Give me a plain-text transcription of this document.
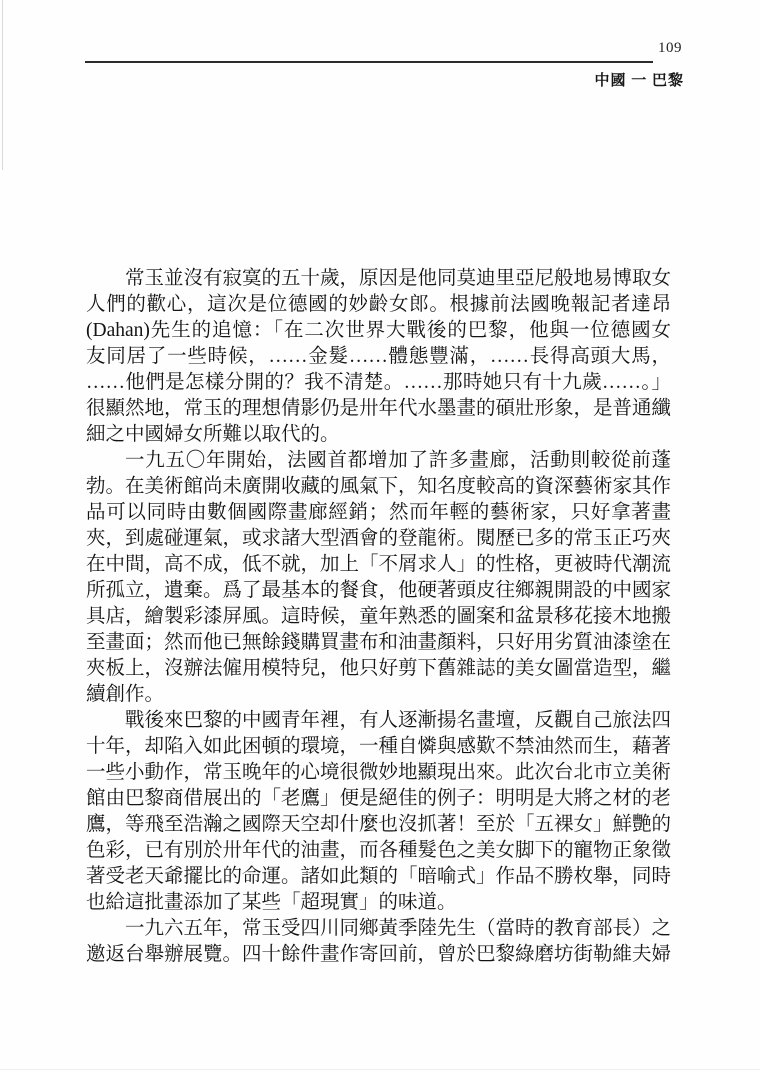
109
中國 一 巴黎
常玉並沒有寂寞的五十歲，原因是他同莫迪里亞尼般地易博取女
人們的歡心，這次是位德國的妙齡女郎。根據前法國晚報記者達昂
(Dahan)先生的追憶：「在二次世界大戰後的巴黎，他與一位德國女
友同居了一些時候，……金髮……體態豐滿，……長得高頭大馬，
……他們是怎樣分開的？我不清楚。……那時她只有十九歲……。」
很顯然地，常玉的理想倩影仍是卅年代水墨畫的碩壯形象，是普通纖
細之中國婦女所難以取代的。
一九五〇年開始，法國首都增加了許多畫廊，活動則較從前蓬
勃。在美術館尚未廣開收藏的風氣下，知名度較高的資深藝術家其作
品可以同時由數個國際畫廊經銷；然而年輕的藝術家，只好拿著畫
夾，到處碰運氣，或求諸大型酒會的登龍術。閱歷已多的常玉正巧夾
在中間，高不成，低不就，加上「不屑求人」的性格，更被時代潮流
所孤立，遺棄。爲了最基本的餐食，他硬著頭皮往鄉親開設的中國家
具店，繪製彩漆屏風。這時候，童年熟悉的圖案和盆景移花接木地搬
至畫面；然而他已無餘錢購買畫布和油畫顏料，只好用劣質油漆塗在
夾板上，沒辦法僱用模特兒，他只好剪下舊雜誌的美女圖當造型，繼
續創作。
戰後來巴黎的中國青年裡，有人逐漸揚名畫壇，反觀自己旅法四
十年，却陷入如此困頓的環境，一種自憐與感歎不禁油然而生，藉著
一些小動作，常玉晚年的心境很微妙地顯現出來。此次台北市立美術
館由巴黎商借展出的「老鷹」便是絕佳的例子：明明是大將之材的老
鷹，等飛至浩瀚之國際天空却什麼也沒抓著！至於「五裸女」鮮艷的
色彩，已有別於卅年代的油畫，而各種髮色之美女脚下的寵物正象徵
著受老天爺擺比的命運。諸如此類的「暗喻式」作品不勝枚舉，同時
也給這批畫添加了某些「超現實」的味道。
一九六五年，常玉受四川同鄉黃季陸先生（當時的教育部長）之
邀返台舉辦展覽。四十餘件畫作寄回前，曾於巴黎綠磨坊街勒維夫婦
